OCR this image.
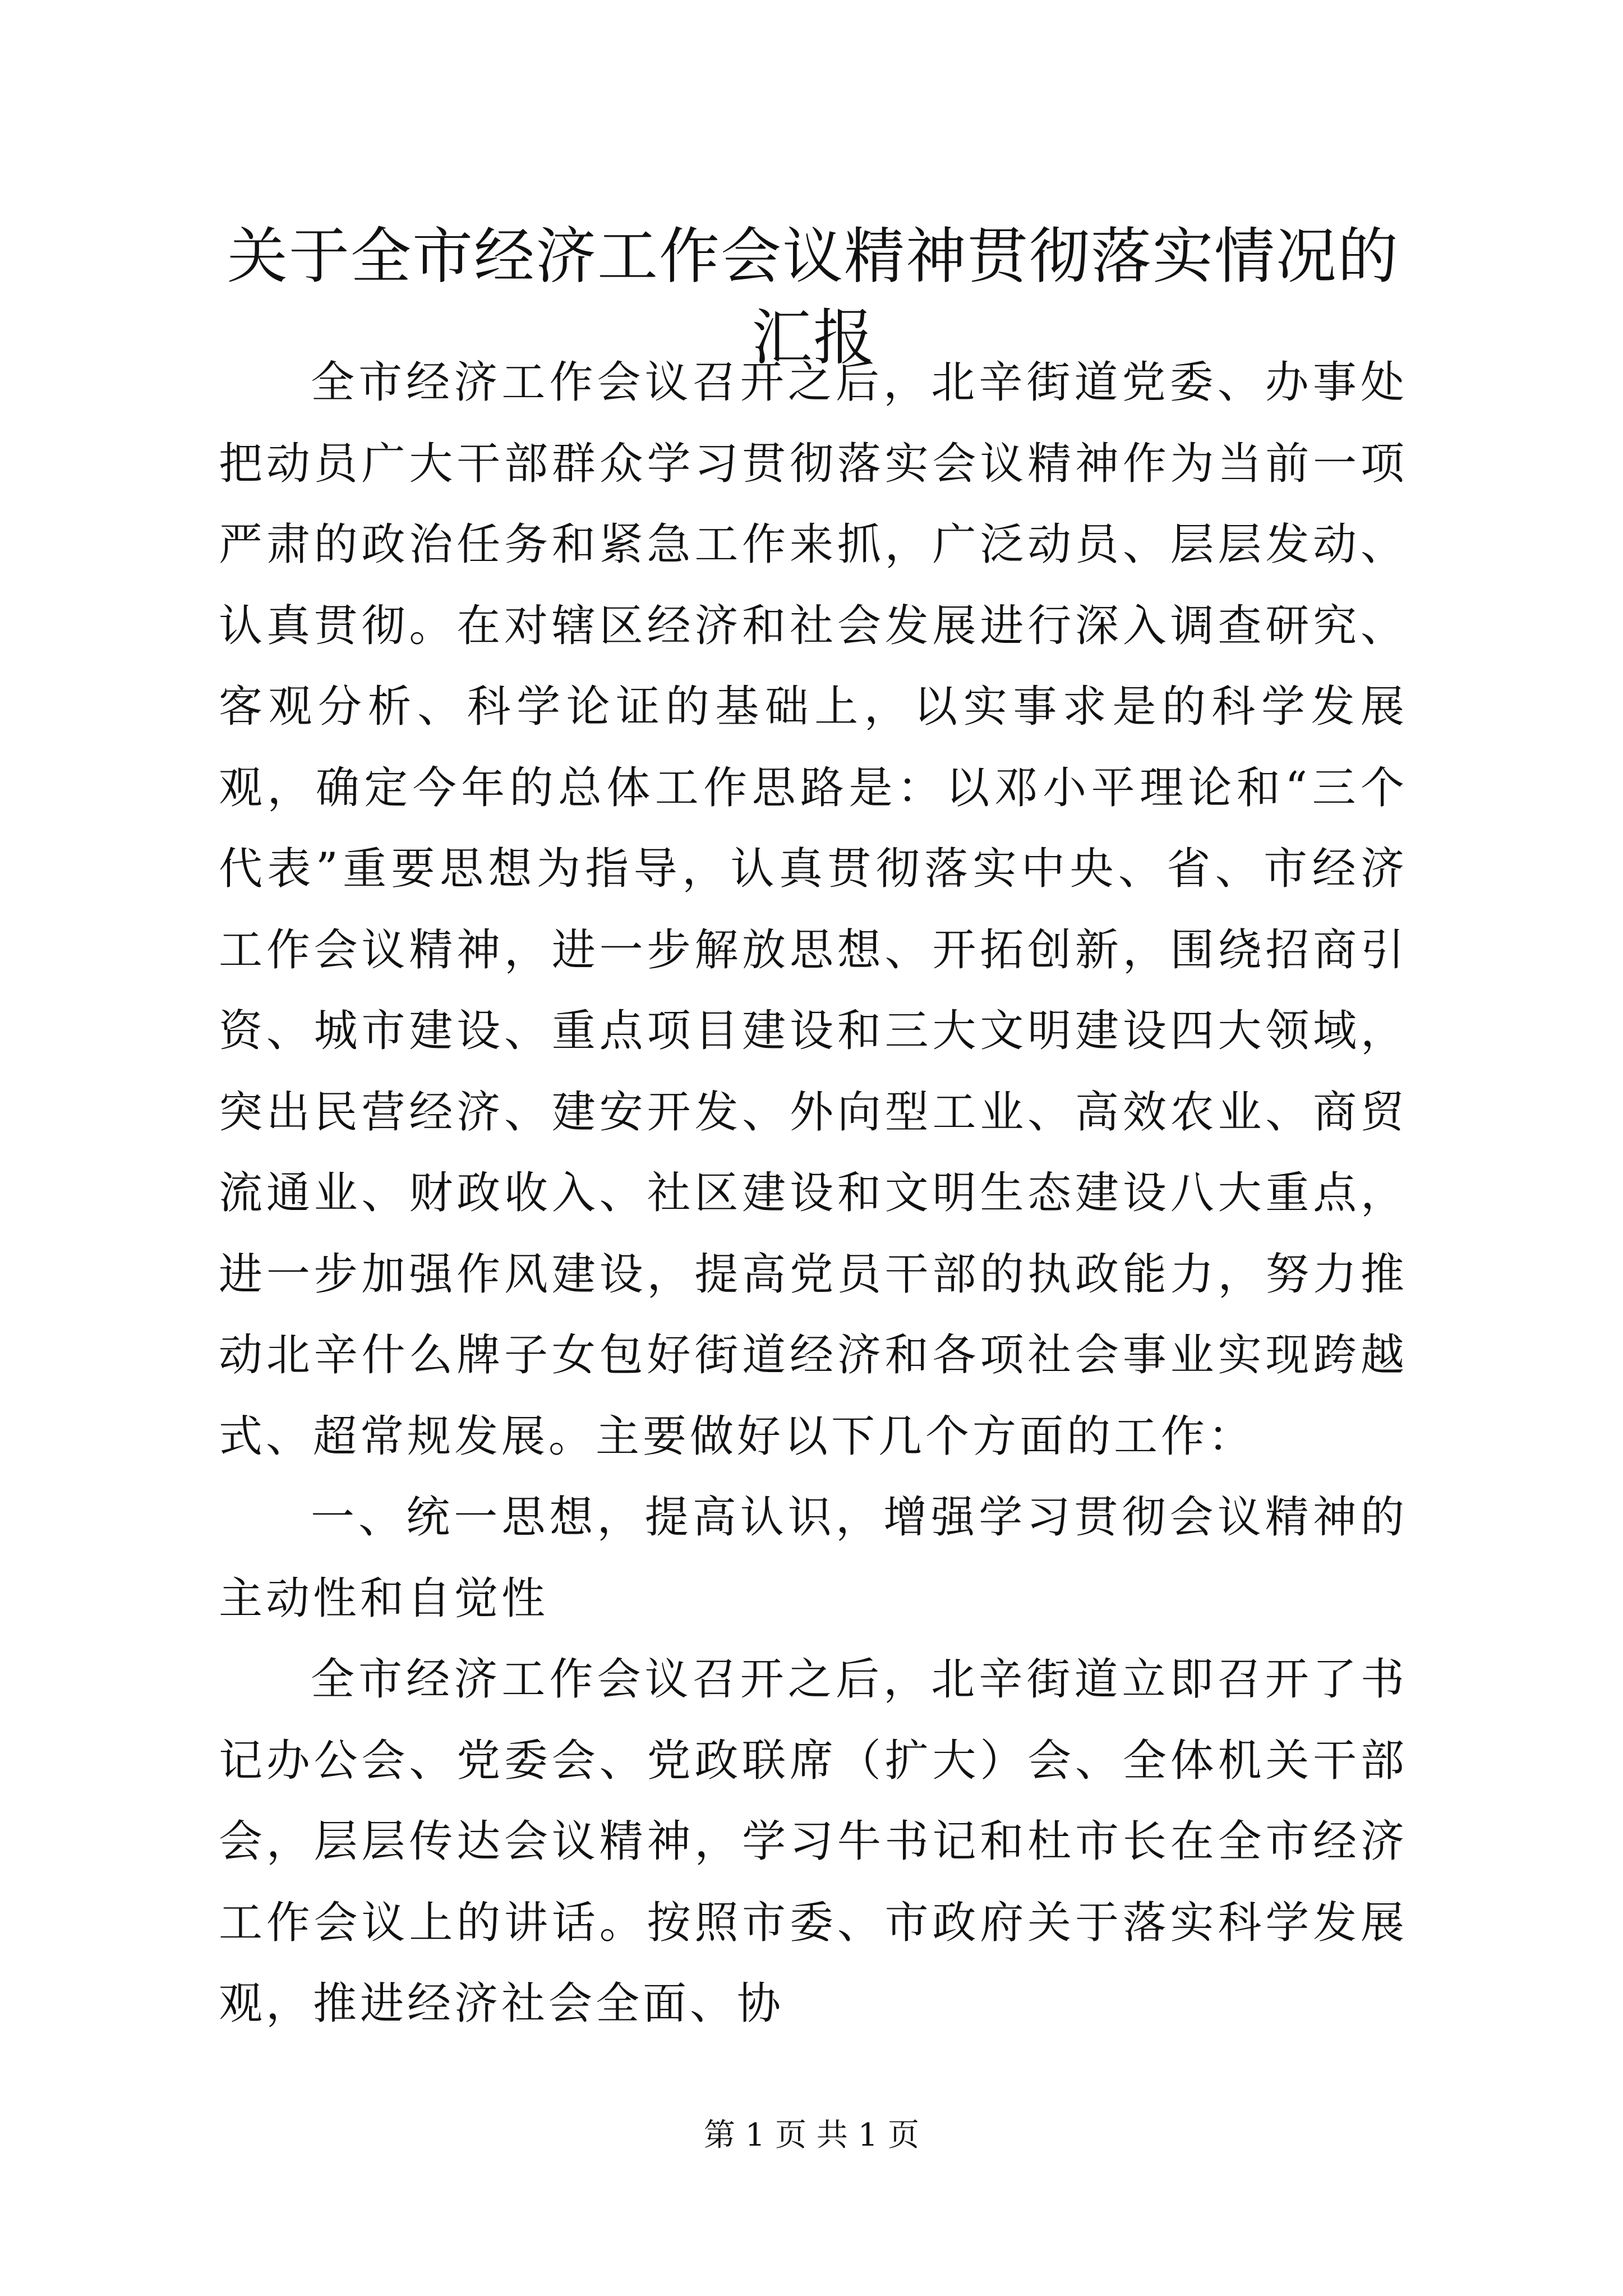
关于全市经济工作会议精神贯彻落实情况的汇报

全市经济工作会议召开之后，北辛街道党委、办事处把动员广大干部群众学习贯彻落实会议精神作为当前一项严肃的政治任务和紧急工作来抓，广泛动员、层层发动、认真贯彻。在对辖区经济和社会发展进行深入调查研究、客观分析、科学论证的基础上，以实事求是的科学发展观，确定今年的总体工作思路是：以邓小平理论和“三个代表”重要思想为指导，认真贯彻落实中央、省、市经济工作会议精神，进一步解放思想、开拓创新，围绕招商引资、城市建设、重点项目建设和三大文明建设四大领域，突出民营经济、建安开发、外向型工业、高效农业、商贸流通业、财政收入、社区建设和文明生态建设八大重点，进一步加强作风建设，提高党员干部的执政能力，努力推动北辛什么牌子女包好街道经济和各项社会事业实现跨越式、超常规发展。主要做好以下几个方面的工作：

一、统一思想，提高认识，增强学习贯彻会议精神的主动性和自觉性

全市经济工作会议召开之后，北辛街道立即召开了书记办公会、党委会、党政联席（扩大）会、全体机关干部会，层层传达会议精神，学习牛书记和杜市长在全市经济工作会议上的讲话。按照市委、市政府关于落实科学发展观，推进经济社会全面、协

第 1 页 共 1 页
